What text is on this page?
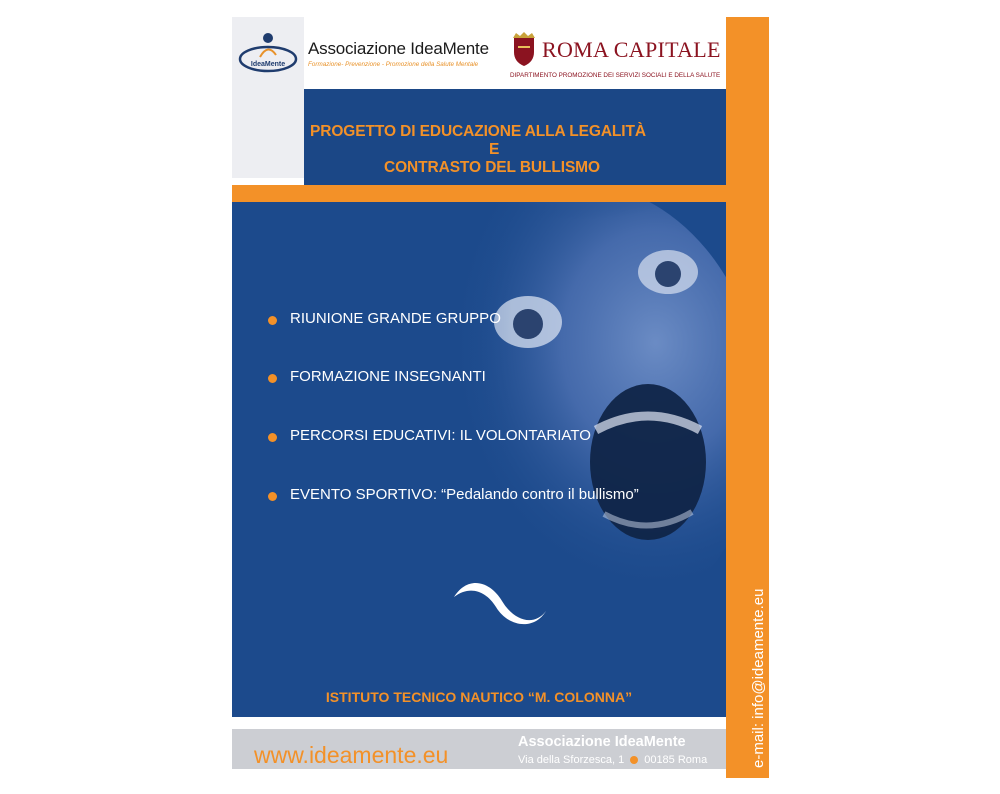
IdeaMente
Associazione IdeaMente
Formazione- Prevenzione - Promozione della Salute Mentale
ROMA CAPITALE
DIPARTIMENTO PROMOZIONE DEI SERVIZI SOCIALI E DELLA SALUTE
PROGETTO DI EDUCAZIONE ALLA LEGALITÀ
E
CONTRASTO DEL BULLISMO
RIUNIONE GRANDE GRUPPO
FORMAZIONE INSEGNANTI
PERCORSI EDUCATIVI: IL VOLONTARIATO
EVENTO SPORTIVO: “Pedalando contro il bullismo”
ISTITUTO TECNICO NAUTICO “M. COLONNA”
www.ideamente.eu	Associazione IdeaMente
Via della Sforzesca, 1 00185 Roma	e-mail: info@ideamente.eu
